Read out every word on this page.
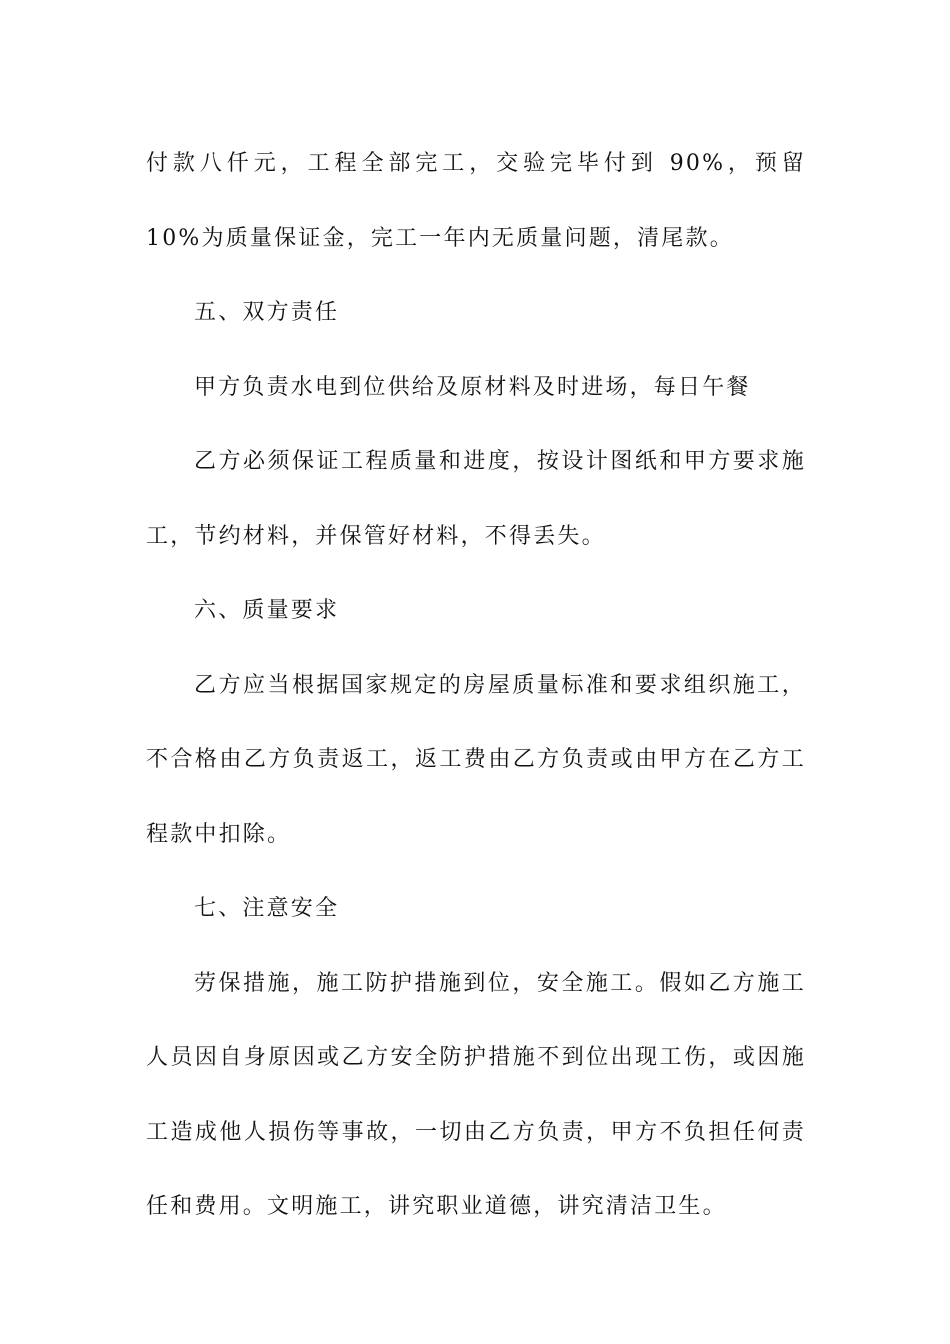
付款八仟元，工程全部完工，交验完毕付到 90%，预留 10%为质量保证金，完工一年内无质量问题，清尾款。

五、双方责任

甲方负责水电到位供给及原材料及时进场，每日午餐

乙方必须保证工程质量和进度，按设计图纸和甲方要求施工，节约材料，并保管好材料，不得丢失。

六、质量要求

乙方应当根据国家规定的房屋质量标准和要求组织施工，不合格由乙方负责返工，返工费由乙方负责或由甲方在乙方工程款中扣除。

七、注意安全

劳保措施，施工防护措施到位，安全施工。假如乙方施工人员因自身原因或乙方安全防护措施不到位出现工伤，或因施工造成他人损伤等事故，一切由乙方负责，甲方不负担任何责任和费用。文明施工，讲究职业道德，讲究清洁卫生。
